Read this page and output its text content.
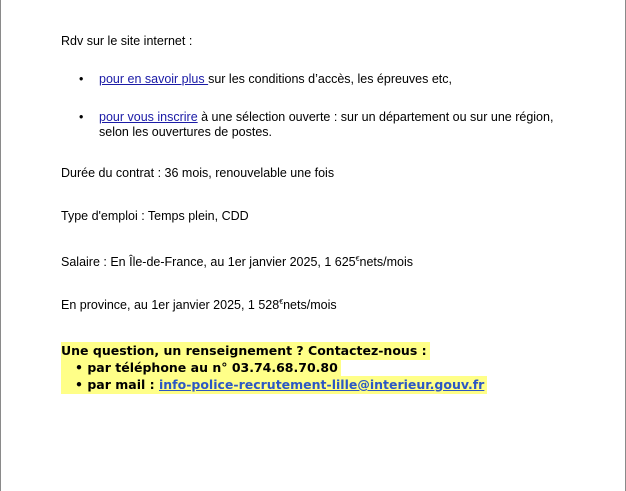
Rdv sur le site internet :
• pour en savoir plus sur les conditions d’accès, les épreuves etc,
• pour vous inscrire à une sélection ouverte : sur un département ou sur une région,
selon les ouvertures de postes.
Durée du contrat : 36 mois, renouvelable une fois
Type d'emploi : Temps plein, CDD
Salaire : En Île-de-France, au 1er janvier 2025, 1 625€nets/mois
En province, au 1er janvier 2025, 1 528€nets/mois
Une question, un renseignement ? Contactez-nous :
• par téléphone au n° 03.74.68.70.80
• par mail : info-police-recrutement-lille@interieur.gouv.fr
